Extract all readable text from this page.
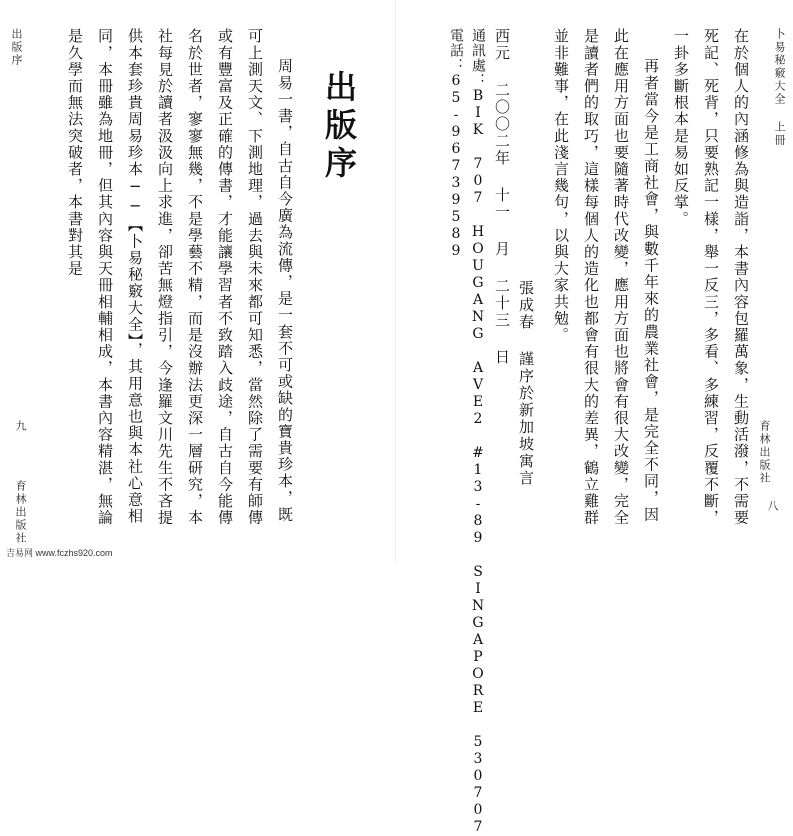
出版序

周易一書，自古自今廣為流傳，是一套不可或缺的寶貴珍本，既可上測天文、下測地理，過去與未來都可知悉，當然除了需要有師傳或有豐富及正確的傳書，才能讓學習者不致踏入歧途，自古自今能傳名於世者，寥寥無幾，不是學藝不精，而是沒辦法更深一層研究，本社每見於讀者汲汲向上求進，卻苦無燈指引，今逢羅文川先生不吝提供本套珍貴周易珍本──【卜易秘竅大全】，其用意也與本社心意相同，本冊雖為地冊，但其內容與天冊相輔相成，本書內容精湛，無論是久學而無法突破者，本書對其是	出版序
九
育林出版社
卜易秘竅大全 上冊

在於個人的內涵修為與造詣，本書內容包羅萬象，生動活潑，不需要死記、死背，只要熟記一樣，舉一反三，多看、多練習，反覆不斷，一卦多斷根本是易如反掌。

再者當今是工商社會，與數千年來的農業社會，是完全不同，因此在應用方面也要隨著時代改變，應用方面也將會有很大改變，完全是讀者們的取巧，這樣每個人的造化也都會有很大的差異，鶴立雞群並非難事，在此淺言幾句，以與大家共勉。

張成春 謹序於新加坡寓言
西元 二〇〇二年 十一 月 二十三 日
通訊處：BIK 707 HOUGANG AVE2 #13-89 SINGAPORE 530707
電話：65-96739589
育林出版社
八
吉易网 www.fczhs920.com
